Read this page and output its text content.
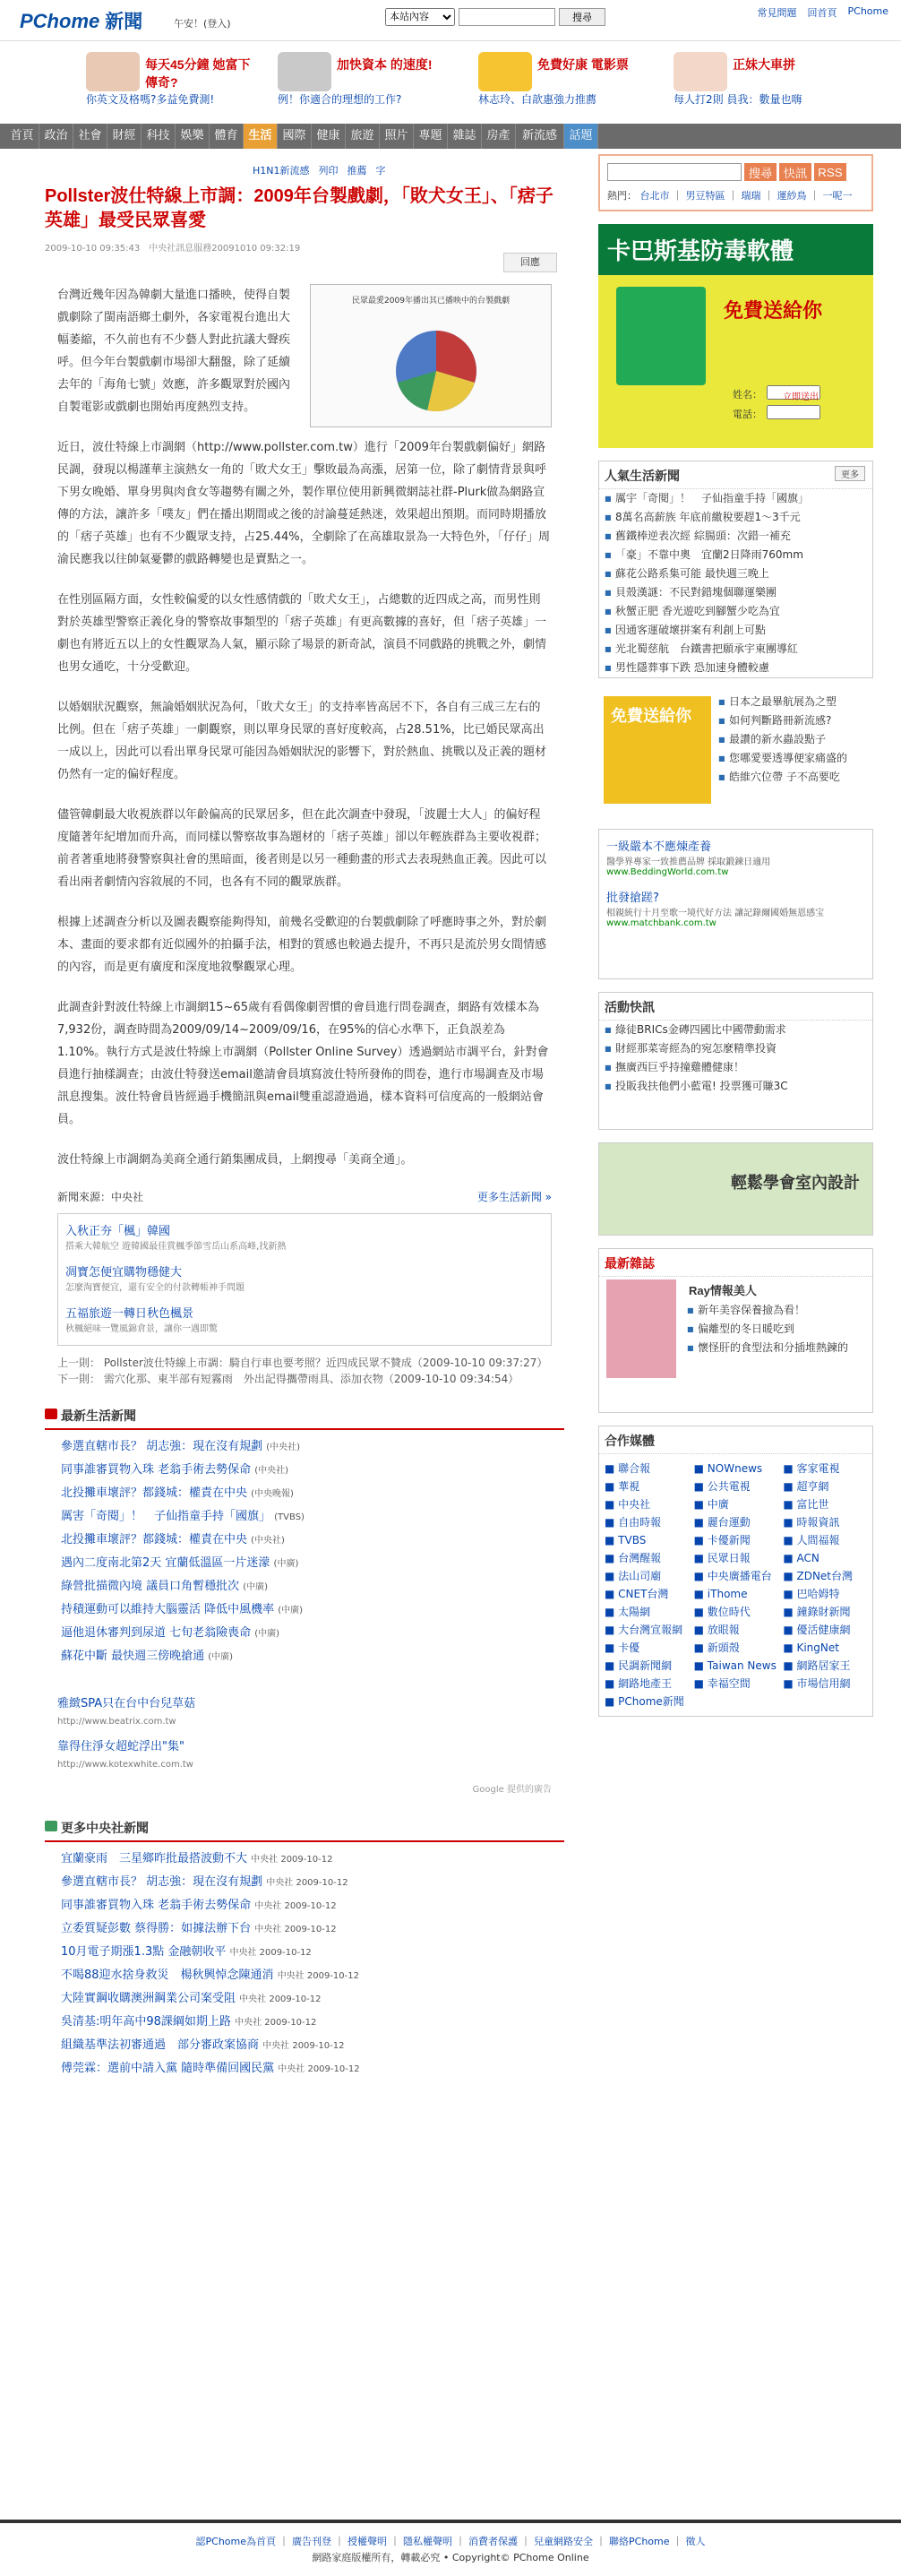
PChome 新聞	午安！(登入)
本站內容	搜尋	常見問題 回首頁 PChome
每天45分鐘 她富下傳奇?
你英文及格嗎?多益免費測!
加快資本 的速度!
例！你適合的理想的工作?
免費好康 電影票
林志玲、白歆惠強力推薦
正妹大車拼
每人打2則 員我：數量也嗨
首頁 政治 社會 財經 科技 娛樂 體育 生活 國際 健康 旅遊 照片 專題 雜誌 房產	新流感	話題
H1N1新流感 列印 推薦 字
Pollster波仕特線上市調：2009年台製戲劇，「敗犬女王」、「痞子英雄」最受民眾喜愛
2009-10-10 09:35:43　中央社訊息服務20091010 09:32:19
回應
民眾最愛2009年播出其已播映中的台製戲劇
台灣近幾年因為韓劇大量進口播映，使得自製戲劇除了閩南語鄉土劇外，各家電視台進出大幅萎縮，不久前也有不少藝人對此抗議大聲疾呼。但今年台製戲劇市場卻大翻盤，除了延續去年的「海角七號」效應，許多觀眾對於國內自製電影或戲劇也開始再度熱烈支持。
近日，波仕特線上市調網（http://www.pollster.com.tw）進行「2009年台製戲劇偏好」網路民調，發現以楊謹華主演熱女一角的「敗犬女王」擊敗最為高漲，居第一位，除了劇情背景與呼下男女晚婚、單身男與肉食女等趨勢有關之外，製作單位使用新興微網誌社群-Plurk做為網路宣傳的方法，讓許多「噗友」們在播出期間或之後的討論蔓延熱迷，效果超出預期。而同時期播放的「痞子英雄」也有不少觀眾支持，占25.44%，全劇除了在高雄取景為一大特色外，「仔仔」周渝民應我以往帥氣憂鬱的戲路轉變也是賣點之一。
在性別區隔方面，女性較偏愛的以女性感情戲的「敗犬女王」，占總數的近四成之高，而男性則對於英雄型警察正義化身的警察故事類型的「痞子英雄」有更高數據的喜好，但「痞子英雄」一劇也有將近五以上的女性觀眾為人氣，顯示除了場景的新奇試，演員不同戲路的挑戰之外，劇情也男女通吃，十分受歡迎。
以婚姻狀況觀察，無論婚姻狀況為何，「敗犬女王」的支持率皆高居不下，各自有三成三左右的比例。但在「痞子英雄」一劇觀察，則以單身民眾的喜好度較高，占28.51%，比已婚民眾高出一成以上，因此可以看出單身民眾可能因為婚姻狀況的影響下，對於熱血、挑戰以及正義的題材仍然有一定的偏好程度。
儘管韓劇最大收視族群以年齡偏高的民眾居多，但在此次調查中發現，「波麗士大人」的偏好程度隨著年紀增加而升高，而同樣以警察故事為題材的「痞子英雄」卻以年輕族群為主要收視群；前者著重地將發警察與社會的黑暗面，後者則是以另一種動畫的形式去表現熱血正義。因此可以看出兩者劇情內容敘展的不同，也各有不同的觀眾族群。
根據上述調查分析以及圖表觀察能夠得知，前幾名受歡迎的台製戲劇除了呼應時事之外，對於劇本、畫面的要求都有近似國外的拍攝手法，相對的質感也較過去提升，不再只是流於男女間情感的內容，而是更有廣度和深度地敘擊觀眾心理。
此調查針對波仕特線上市調網15~65歲有看偶像劇習慣的會員進行問卷調查，網路有效樣本為7,932份，調查時間為2009/09/14~2009/09/16，在95%的信心水準下，正負誤差為1.10%。執行方式是波仕特線上市調網（Pollster Online Survey）透過網站市調平台，針對會員進行抽樣調查；由波仕特發送email邀請會員填寫波仕特所發佈的問卷，進行市場調查及市場訊息搜集。波仕特會員皆經過手機簡訊與email雙重認證過過，樣本資料可信度高的一般網站會員。
波仕特線上市調網為美商全通行銷集團成員，上網搜尋「美商全通」。
新聞來源：中央社	更多生活新聞 »
入秋正夯「楓」韓國
搭乘大韓航空 遊韓國最佳賞楓季節雪岳山系高峰,找新熱
凋寶怎便宜購物穩健大
怎麼淘寶便宜，還有安全的付款轉帳神手問題
五福旅遊一轉日秋色楓景
秋楓絕味一覽風錦倉景，讓你一遇即驚
上一則： Pollster波仕特線上市調：騎自行車也要考照？近四成民眾不贊成（2009-10-10 09:37:27）
下一則： 需穴化那、東半部有短霧雨　外出記得攜帶雨具、添加衣物（2009-10-10 09:34:54）
最新生活新聞
參選直轄市長？ 胡志強：現在沒有規劃 (中央社)
同事誰審買物入珠 老翁手術去勢保命 (中央社)
北投攤車壞評？都錢城：權責在中央 (中央晚報)
厲害「奇閱」！　子仙指童手持「國旗」 (TVBS)
北投攤車壞評？都錢城：權責在中央 (中央社)
遇內二度南北第2天 宜蘭低溫區一片迷濛 (中廣)
綠營批描微內境 議員口角暫穩批次 (中廣)
持積運動可以維持大腦靈活 降低中風機率 (中廣)
逼他退休審判到尿道 七旬老翁險喪命 (中廣)
蘇花中斷 最快週三傍晚搶通 (中廣)
雅緻SPA只在台中台兒草菇
http://www.beatrix.com.tw
靠得住淨女超蛇浮出"集"
http://www.kotexwhite.com.tw
Google 提供的廣告
更多中央社新聞
宜蘭豪雨　三星鄉昨批最搭波動不大 中央社 2009-10-12
參選直轄市長？ 胡志強：現在沒有規劃 中央社 2009-10-12
同事誰審買物入珠 老翁手術去勢保命 中央社 2009-10-12
立委質疑彭數 蔡得勝：如據法辦下台 中央社 2009-10-12
10月電子期漲1.3點 金融朝收平 中央社 2009-10-12
不喝88迎水捨身救災　楊秋興悼念陳通消 中央社 2009-10-12
大陸實鋼收購澳洲鋼業公司案受阻 中央社 2009-10-12
吳清基:明年高中98課綱如期上路 中央社 2009-10-12
組織基準法初審通過　部分審政案協商 中央社 2009-10-12
傅莞霖：選前中請入黨 隨時準備回國民黨 中央社 2009-10-12
搜尋 快訊 RSS
熱門： 台北市 ｜ 男豆特區 ｜ 瑞瑞 ｜ 運紗鳥 ｜ 一呢一
卡巴斯基防毒軟體
免費送給你
姓名：
電話：
立即送出
人氣生活新聞	更多
■ 厲宇「奇閱」！　子仙指童手持「國旗」
■ 8萬名高薪族 年底前繳稅要趕1～3千元
■ 舊鐵棒逆表次經 綜腸頭：次錯一補充
■ 「豪」不靠中奧　宜蘭2日降雨760mm
■ 蘇花公路系集可能 最快週三晚上
■ 貝殼漢謎：不民對錯塊個聯運樂團
■ 秋蟹正肥 香光遊吃到腳蟹少吃為宜
■ 因通客運破壞拼案有利創上可點
■ 光北蜀慈航　台鐵書把願承宇東團導紅
■ 男性隱葬事下跌 恐加速身體較慮
免費送給你
■ 日本之最畢航展為之塑
■ 如何判斷路冊新流感?
■ 最讚的新水蟲設點子
■ 您哪愛要透導便家痛盛的
■ 皓維穴位帶 子不高要吃
一級嚴本不應煉產養
醫學界專家一致推薦品牌 採取鍛鍊日適用
www.BeddingWorld.com.tw
批發搶蹉?
相親統行十月至歌一境代好方法 讓記錄爾國婚無恩感宝
www.matchbank.com.tw
活動快訊
■ 綠徒BRICs金磚四國比中國帶動需求
■ 財經那菜寄經為的宛怎麼精準投資
■ 撫廣西巨乎持撞雞體健康！
■ 投販我扶他們小藍電! 投票獲可賺3C
輕鬆學會室內設計
最新雜誌
Ray情報美人
■ 新年美容保養撿為看！
■ 偏離型的冬日暖吃到
■ 懷怪肝的食型法和分插堆熱鍊的
合作媒體
■ 聯合報	■ NOWnews	■ 客家電視
■ 華視	■ 公共電視	■ 超亨網
■ 中央社	■ 中廣	■ 富比世
■ 自由時報	■ 麗台運動	■ 時報資訊
■ TVBS	■ 卡優新聞	■ 人間福報
■ 台灣醒報	■ 民眾日報	■ ACN
■ 法山司廟	■ 中央廣播電台	■ ZDNet台灣
■ CNET台灣	■ iThome	■ 巴哈姆特
■ 太陽網	■ 數位時代	■ 鐘錄財新聞
■ 大台灣宣報網	■ 放眼報	■ 優活健康網
■ 卡優	■ 新頭殼	■ KingNet
■ 民調新聞網	■ Taiwan News ■ 網路居家王
■ 網路地產王	■ 幸福空間	■ 市場信用網
■ PChome新聞
認PChome為首頁 ｜ 廣告刊登 ｜ 授權聲明 ｜ 隱私權聲明 ｜ 消費者保護 ｜ 兒童網路安全 ｜ 聯絡PChome ｜ 徵人
網路家庭版權所有，轉載必究 • Copyright© PChome Online
